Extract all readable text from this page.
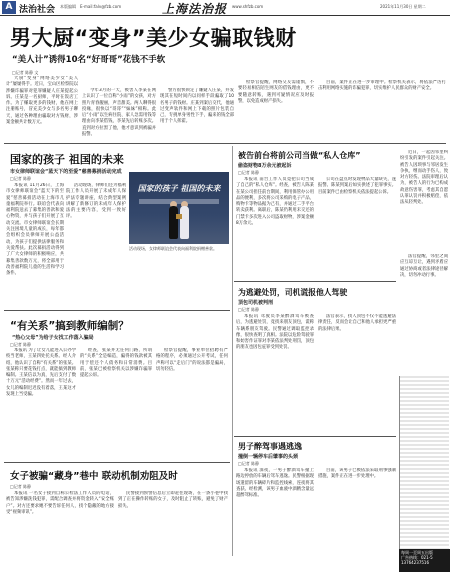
A 法治社会 本版编辑 E-mail:falv@fzb.com	上海法治报 www.shfzb.com	2021年11月30日 星期二
男大厨“变身”美少女骗取钱财
“美人计”诱得10名“好哥哥”花钱不手软
□记者 陈静 文
大厨“变身”网络美少女“美人计”屡屡得手。近日，宝山区检察院以涉嫌诈骗罪对犯罪嫌疑人庄某提起公诉。庄某是一名厨师，平时在饭店工作。为了赚取更多的钱财，他在网上注册账号，冒充美少女与多名男子聊天，通过各种理由骗取对方钱财，涉案金额共计数万元。
今年3月的一天，被害人李某在网上认识了一位自称“小雨”的女孩，对方照片青春靓丽，声音甜美。两人聊得很投缘，很快以“哥哥”“妹妹”相称。此后“小雨”以生病住院、家人急需用钱等理由向李某借钱，李某先后转账多次。直到对方拉黑了他，他才意识到被骗并报警。
警方很快锁定了嫌疑人庄某，并发现其在短时间内以同样手段骗取了10名男子的钱财。庄某到案后交代，他通过变声软件和网上下载的照片包装自己，专挑单身男性下手，骗来的钱全部用于个人挥霍。
检察官提醒，网络交友需谨慎，不要轻易相信陌生网友的借钱理由，更不要随意转账，遇到可疑情况应及时报警，以免造成财产损失。
目前，案件正在进一步审理中。检察机关表示，将依法严厉打击利用网络实施的诈骗犯罪，切实维护人民群众的财产安全。
国家的孩子 祖国的未来
市女律师联谊会“蓝天下的至爱”慈善募捐活动完成
□记者 陈静
本报讯 11月26日，上海市女律师联谊会“蓝天下的至爱”慈善募捐活动在上海市儿童福利院举行。联谊会代表向福利院送去了募集的善款和爱心物资，并与孩子们开展了互动交流。市女律师联谊会长期关注困境儿童的成长，每年都会组织会员律师开展公益活动，为孩子们提供法律服务和关爱帮扶。此次募捐活动得到了广大女律师的积极响应，共募集善款数万元，将全部用于改善福利院儿童的生活和学习条件。
活动现场，律师们还为福利院工作人员开展了未成年人保护法专题讲座，结合典型案例讲解了新修订的未成年人保护法的主要内容，受到一致好评。
国家的孩子 祖国的未来
活动现场，女律师联谊会代表向福利院捐赠善款。
“有关系”搞到教师编制？
“热心父母”为给子女找工作落入骗局
□记者 陈静
本报讯 为了让女儿能进入公办学校当老师，王某四处托关系。经人介绍，他认识了自称“有关系”的张某。张某称只要花钱打点，就能搞到教师编制。王某信以为真，先后支付了数十万元“活动经费”。然而一年过去，女儿的编制迟迟没有着落，王某这才发现上当受骗。
经查，张某并无任何门路，所谓的“关系”全是编造，骗得的钱款被其用于偿还个人债务和日常消费。目前，张某已被检察机关以涉嫌诈骗罪提起公诉。
检察官提醒，事业单位招聘有严格的程序，必须通过公开考试，任何声称可以“走后门”的说法都是骗局，切勿轻信。
女子被骗“藏身”巷中 联动机制劝阻及时
□记者 陈静
本报讯 一名女子接到自称公检法工作人员的电话，被告知涉嫌洗钱犯罪，需配合调查并将资金转入“安全账户”。对方还要求她不要告诉任何人，找个隐蔽的地方接受“视频审讯”。
民警接到预警信息后立即赶往现场，在一条小巷中找到了正在操作转账的女子，及时阻止了转账，避免了财产损失。
被告前台将前公司当做“私人仓库”
偷盗财物8万余元被起诉
□记者 陈静
本报讯 前台工作人员竟把公司当成了自己的“私人仓库”。经查，被告人陈某在某公司担任前台期间，利用保管办公用品的便利，多次将公司采购的电子产品、购物卡等物品据为己有，并通过二手平台转卖获利。离职后，陈某仍利用未交还的门禁卡多次进入公司盗取财物，涉案金额8万余元。
公司在盘点时发现物品大量缺失，遂报警。陈某到案后如实供述了犯罪事实。目前案件已由检察机关依法提起公诉。
近日，一起因邻里纠纷引发的案件引起关注。被告人因琐事与邻居发生争执，继而动手伤人，致对方轻伤。法院审理后认为，被告人的行为已构成故意伤害罪，考虑其自愿认罪认罚并积极赔偿，依法从轻判处。
法官提醒，邻里之间应互谅互让，遇到矛盾应通过协商或者法律途径解决，切勿冲动行事。
为逃避处罚，司机谎报他人驾驶
顶包司机被判刑
□记者 陈静
本报讯 驾驶员李某醉酒驾车被查后，为逃避处罚，竟找来朋友顶包，谎称车辆系朋友驾驶。民警通过调取监控录像，很快查明了真相。法院以危险驾驶罪和妨害作证罪对李某依法判处刑罚，顶包的朋友也因包庇罪受到处罚。
法官表示，找人顶包不仅不能逃避法律责任，反而会让自己和他人承担更严重的法律后果。
男子醉驾事遇逃逸
撞倒一辆停车后肇事的头颈
□记者 陈静
本报讯 深夜，一男子醉酒驾车撞上路边停放的车辆后驾车逃逸。民警根据现场遗留的车辆碎片和监控线索，连夜将其查获。经检测，该男子血液中酒精含量远超醉驾标准。
目前，该男子已被依法采取刑事强制措施，案件正在进一步处理中。
每周一至周五出版
广告热线：021-5
13764237516
